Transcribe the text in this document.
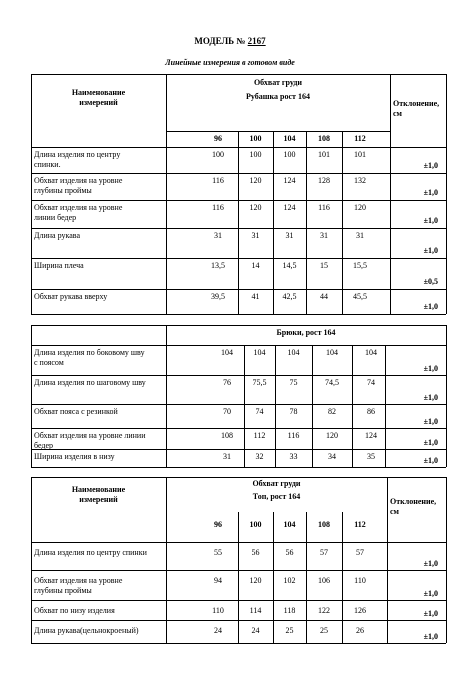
МОДЕЛЬ № 2167
Линейные измерения в готовом виде
Наименование
измерений
Обхват груди
Рубашка рост 164
Отклонение,
см
96	100	104	108	112
Длина изделия по центру
спинки.
100	100	100	101	101
±1,0
Обхват изделия на уровне
глубины проймы
116	120	124	128	132
±1,0
Обхват изделия на уровне
линии бедер
116	120	124	116	120
±1,0
Длина рукава	31	31	31	31	31
±1,0
Ширина плеча	13,5	14	14,5	15	15,5
±0,5
Обхват рукава вверху	39,5	41	42,5	44	45,5
±1,0
Брюки, рост 164
Длина изделия по боковому шву
с поясом
104	104	104	104	104
±1,0
Длина изделия по шаговому шву	76	75,5	75	74,5	74
±1,0
Обхват пояса с резинкой	70	74	78	82	86
±1,0
Обхват изделия на уровне линии
бедер
108	112	116	120	124
±1,0
Ширина изделия в низу	31	32	33	34	35	±1,0
Наименование
измерений
Обхват груди
Топ, рост 164
Отклонение,
см
96	100	104	108	112
Длина изделия по центру спинки	55	56	56	57	57
±1,0
Обхват изделия на уровне
глубины проймы
94	120	102	106	110
±1,0
Обхват по низу изделия	110	114	118	122	126	±1,0
Длина рукава(цельнокроеный)	24	24	25	25	26
±1,0
